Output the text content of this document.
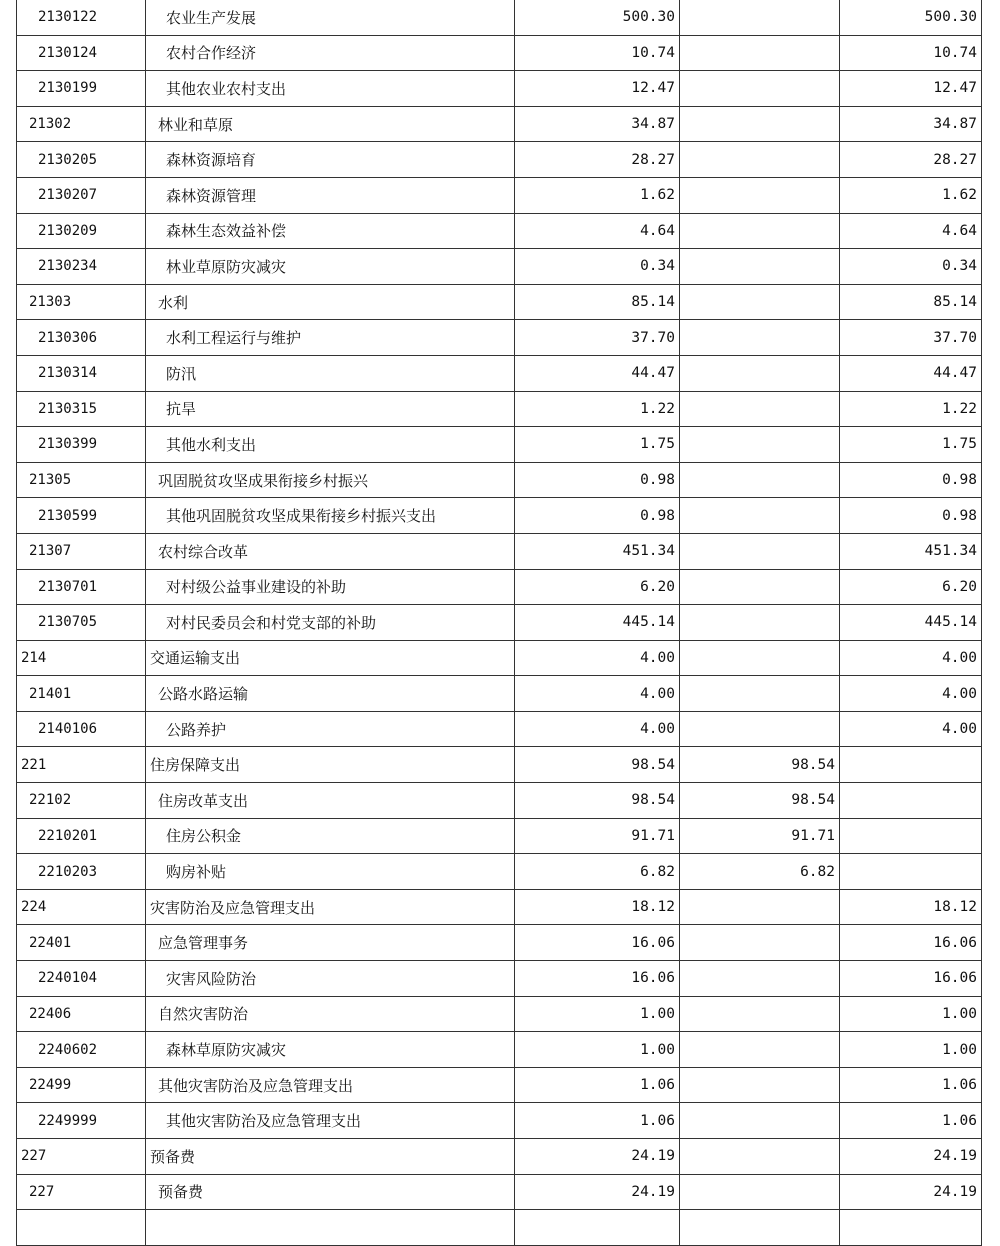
2130122	农业生产发展	500.30		500.30
2130124	农村合作经济	10.74		10.74
2130199	其他农业农村支出	12.47		12.47
21302	林业和草原	34.87		34.87
2130205	森林资源培育	28.27		28.27
2130207	森林资源管理	1.62		1.62
2130209	森林生态效益补偿	4.64		4.64
2130234	林业草原防灾减灾	0.34		0.34
21303	水利	85.14		85.14
2130306	水利工程运行与维护	37.70		37.70
2130314	防汛	44.47		44.47
2130315	抗旱	1.22		1.22
2130399	其他水利支出	1.75		1.75
21305	巩固脱贫攻坚成果衔接乡村振兴	0.98		0.98
2130599	其他巩固脱贫攻坚成果衔接乡村振兴支出	0.98		0.98
21307	农村综合改革	451.34		451.34
2130701	对村级公益事业建设的补助	6.20		6.20
2130705	对村民委员会和村党支部的补助	445.14		445.14
214	交通运输支出	4.00		4.00
21401	公路水路运输	4.00		4.00
2140106	公路养护	4.00		4.00
221	住房保障支出	98.54	98.54	
22102	住房改革支出	98.54	98.54	
2210201	住房公积金	91.71	91.71	
2210203	购房补贴	6.82	6.82	
224	灾害防治及应急管理支出	18.12		18.12
22401	应急管理事务	16.06		16.06
2240104	灾害风险防治	16.06		16.06
22406	自然灾害防治	1.00		1.00
2240602	森林草原防灾减灾	1.00		1.00
22499	其他灾害防治及应急管理支出	1.06		1.06
2249999	其他灾害防治及应急管理支出	1.06		1.06
227	预备费	24.19		24.19
227	预备费	24.19		24.19
